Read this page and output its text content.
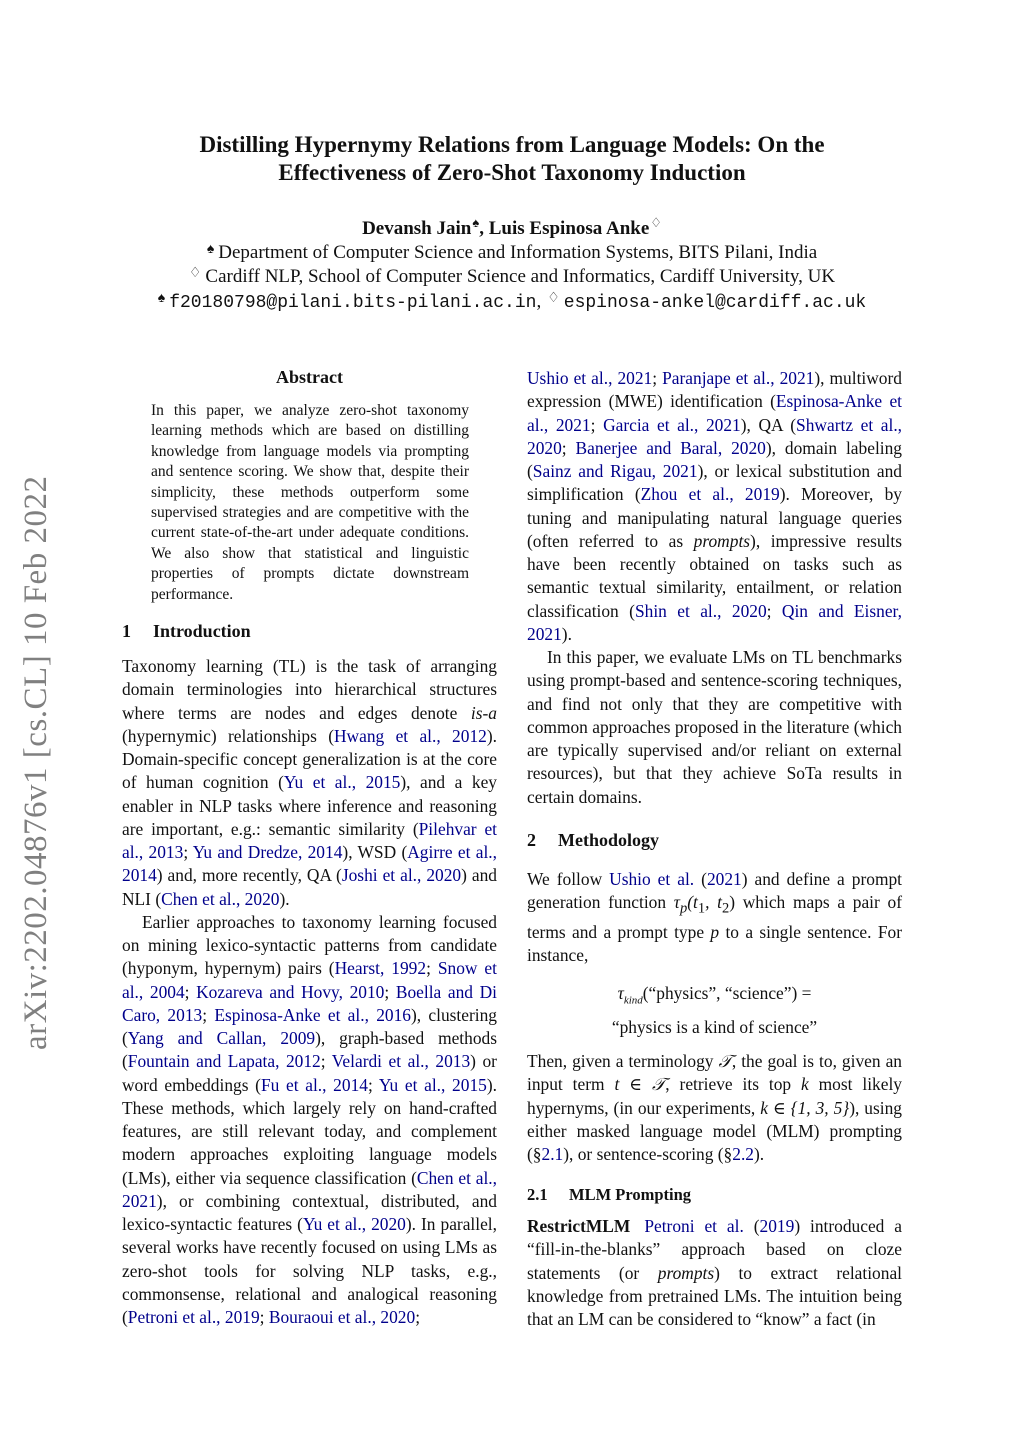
arXiv:2202.04876v1 [cs.CL] 10 Feb 2022
Distilling Hypernymy Relations from Language Models: On the
Effectiveness of Zero-Shot Taxonomy Induction
Devansh Jain♠, Luis Espinosa Anke♢
♠ Department of Computer Science and Information Systems, BITS Pilani, India
♢ Cardiff NLP, School of Computer Science and Informatics, Cardiff University, UK
♠ f20180798@pilani.bits-pilani.ac.in, ♢ espinosa-ankel@cardiff.ac.uk
Abstract
In this paper, we analyze zero-shot taxonomy learning methods which are based on distilling knowledge from language models via prompting and sentence scoring. We show that, despite their simplicity, these methods outperform some supervised strategies and are competitive with the current state-of-the-art under adequate conditions. We also show that statistical and linguistic properties of prompts dictate downstream performance.
1 Introduction

Taxonomy learning (TL) is the task of arranging domain terminologies into hierarchical structures where terms are nodes and edges denote is-a (hypernymic) relationships (Hwang et al., 2012). Domain-specific concept generalization is at the core of human cognition (Yu et al., 2015), and a key enabler in NLP tasks where inference and reasoning are important, e.g.: semantic similarity (Pilehvar et al., 2013; Yu and Dredze, 2014), WSD (Agirre et al., 2014) and, more recently, QA (Joshi et al., 2020) and NLI (Chen et al., 2020).

Earlier approaches to taxonomy learning focused on mining lexico-syntactic patterns from candidate (hyponym, hypernym) pairs (Hearst, 1992; Snow et al., 2004; Kozareva and Hovy, 2010; Boella and Di Caro, 2013; Espinosa-Anke et al., 2016), clustering (Yang and Callan, 2009), graph-based methods (Fountain and Lapata, 2012; Velardi et al., 2013) or word embeddings (Fu et al., 2014; Yu et al., 2015). These methods, which largely rely on hand-crafted features, are still relevant today, and complement modern approaches exploiting language models (LMs), either via sequence classification (Chen et al., 2021), or combining contextual, distributed, and lexico-syntactic features (Yu et al., 2020). In parallel, several works have recently focused on using LMs as zero-shot tools for solving NLP tasks, e.g., commonsense, relational and analogical reasoning (Petroni et al., 2019; Bouraoui et al., 2020;

Ushio et al., 2021; Paranjape et al., 2021), multiword expression (MWE) identification (Espinosa-Anke et al., 2021; Garcia et al., 2021), QA (Shwartz et al., 2020; Banerjee and Baral, 2020), domain labeling (Sainz and Rigau, 2021), or lexical substitution and simplification (Zhou et al., 2019). Moreover, by tuning and manipulating natural language queries (often referred to as prompts), impressive results have been recently obtained on tasks such as semantic textual similarity, entailment, or relation classification (Shin et al., 2020; Qin and Eisner, 2021).

In this paper, we evaluate LMs on TL benchmarks using prompt-based and sentence-scoring techniques, and find not only that they are competitive with common approaches proposed in the literature (which are typically supervised and/or reliant on external resources), but that they achieve SoTa results in certain domains.

2 Methodology

We follow Ushio et al. (2021) and define a prompt generation function $\tau_p(t_1$, $t_2$) which maps a pair of terms and a prompt type p to a single sentence. For instance,

$\tau_{kind}(“physics$”, “science”) =
“physics is a kind of science”

Then, given a terminology 𝒯, the goal is to, given an input term t ∈ 𝒯, retrieve its top k most likely hypernyms, (in our experiments, k ∈ {1, 3, 5}), using either masked language model (MLM) prompting (§2.1), or sentence-scoring (§2.2).

2.1 MLM Prompting

RestrictMLM Petroni et al. (2019) introduced a “fill-in-the-blanks” approach based on cloze statements (or prompts) to extract relational knowledge from pretrained LMs. The intuition being that an LM can be considered to “know” a fact (in
